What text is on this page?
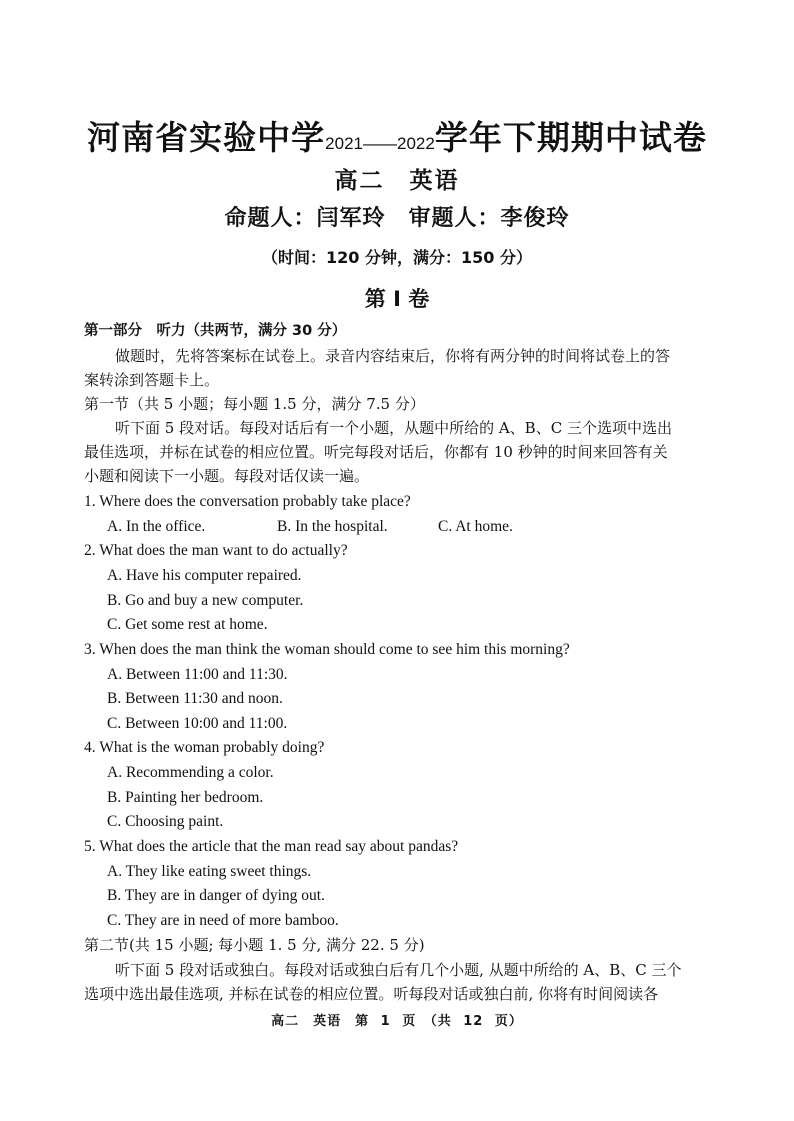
河南省实验中学2021——2022学年下期期中试卷
高二　英语
命题人：闫军玲　审题人：李俊玲
（时间：120 分钟，满分：150 分）
第 I 卷
第一部分　听力（共两节，满分 30 分）
做题时，先将答案标在试卷上。录音内容结束后，你将有两分钟的时间将试卷上的答
案转涂到答题卡上。
第一节（共 5 小题；每小题 1.5 分，满分 7.5 分）
听下面 5 段对话。每段对话后有一个小题，从题中所给的 A、B、C 三个选项中选出
最佳选项，并标在试卷的相应位置。听完每段对话后，你都有 10 秒钟的时间来回答有关
小题和阅读下一小题。每段对话仅读一遍。
1. Where does the conversation probably take place?
A. In the office.	B. In the hospital.	C. At home.
2. What does the man want to do actually?
A. Have his computer repaired.
B. Go and buy a new computer.
C. Get some rest at home.
3. When does the man think the woman should come to see him this morning?
A. Between 11:00 and 11:30.
B. Between 11:30 and noon.
C. Between 10:00 and 11:00.
4. What is the woman probably doing?
A. Recommending a color.
B. Painting her bedroom.
C. Choosing paint.
5. What does the article that the man read say about pandas?
A. They like eating sweet things.
B. They are in danger of dying out.
C. They are in need of more bamboo.
第二节(共 15 小题; 每小题 1. 5 分, 满分 22. 5 分)
听下面 5 段对话或独白。每段对话或独白后有几个小题, 从题中所给的 A、B、C 三个
选项中选出最佳选项, 并标在试卷的相应位置。听每段对话或独白前, 你将有时间阅读各
高二　英语　第 1 页　（共 12 页）
